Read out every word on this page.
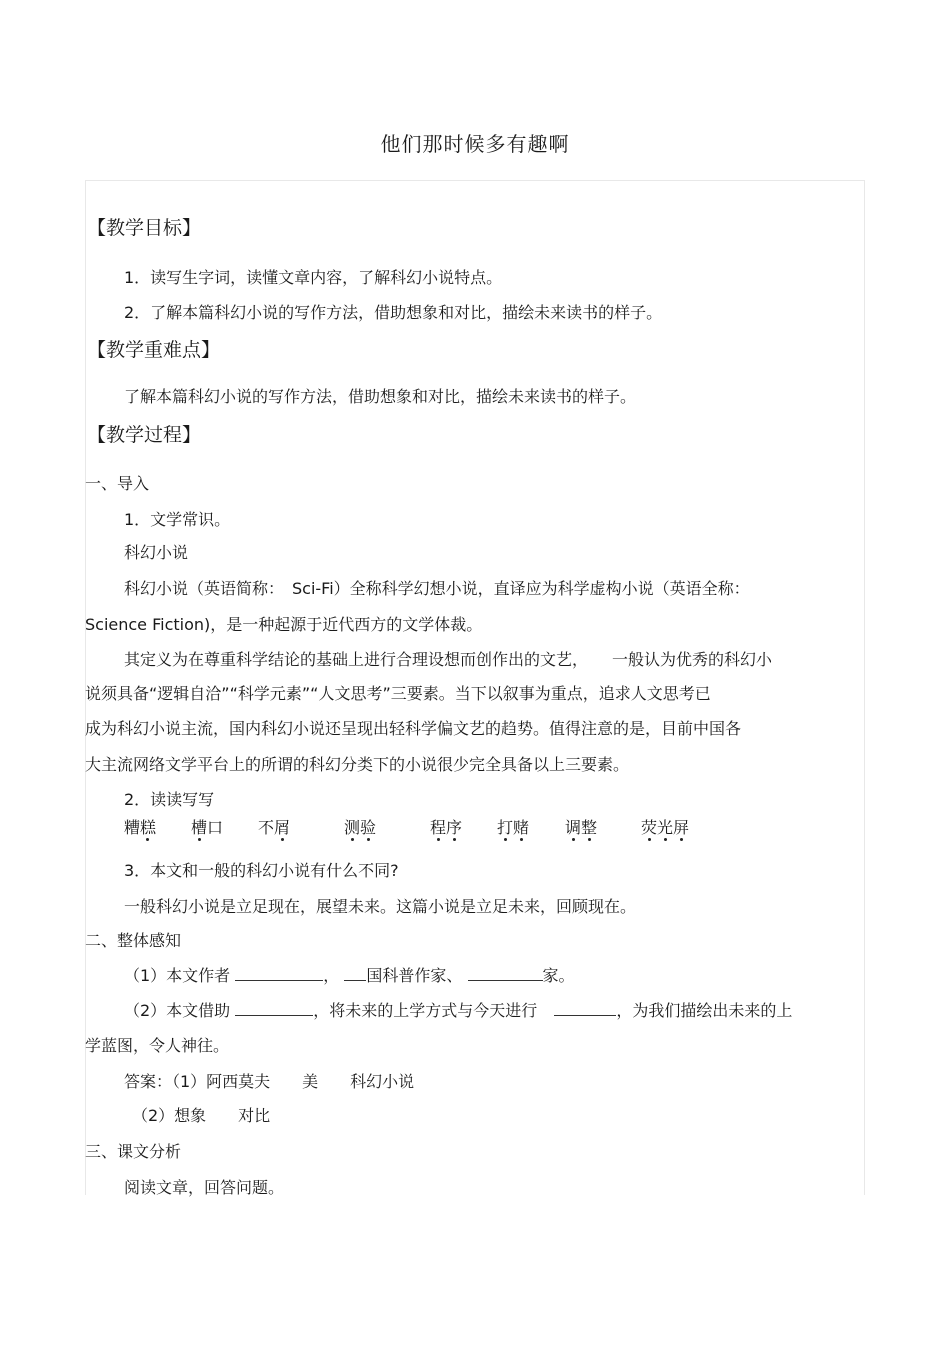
他们那时候多有趣啊
【教学目标】
1．读写生字词，读懂文章内容，了解科幻小说特点。
2．了解本篇科幻小说的写作方法，借助想象和对比，描绘未来读书的样子。
【教学重难点】
了解本篇科幻小说的写作方法，借助想象和对比，描绘未来读书的样子。
【教学过程】
一、导入
1．文学常识。
科幻小说
科幻小说（英语简称：　Sci-Fi）全称科学幻想小说，直译应为科学虚构小说（英语全称：
Science Fiction)，是一种起源于近代西方的文学体裁。
其定义为在尊重科学结论的基础上进行合理设想而创作出的文艺，　　一般认为优秀的科幻小
说须具备“逻辑自洽”“科学元素”“人文思考”三要素。当下以叙事为重点，追求人文思考已
成为科幻小说主流，国内科幻小说还呈现出轻科学偏文艺的趋势。值得注意的是，目前中国各
大主流网络文学平台上的所谓的科幻分类下的小说很少完全具备以上三要素。
2．读读写写
糟糕 槽口 不屑	测验	程序 打赌 调整	荧光屏
3．本文和一般的科幻小说有什么不同?
一般科幻小说是立足现在，展望未来。这篇小说是立足未来，回顾现在。
二、整体感知
（1）本文作者	， 国科普作家、	家。
（2）本文借助	，将未来的上学方式与今天进行	，为我们描绘出未来的上
学蓝图，令人神往。
答案：（1）阿西莫夫　　美　　科幻小说
（2）想象　　对比
三、课文分析
阅读文章，回答问题。
